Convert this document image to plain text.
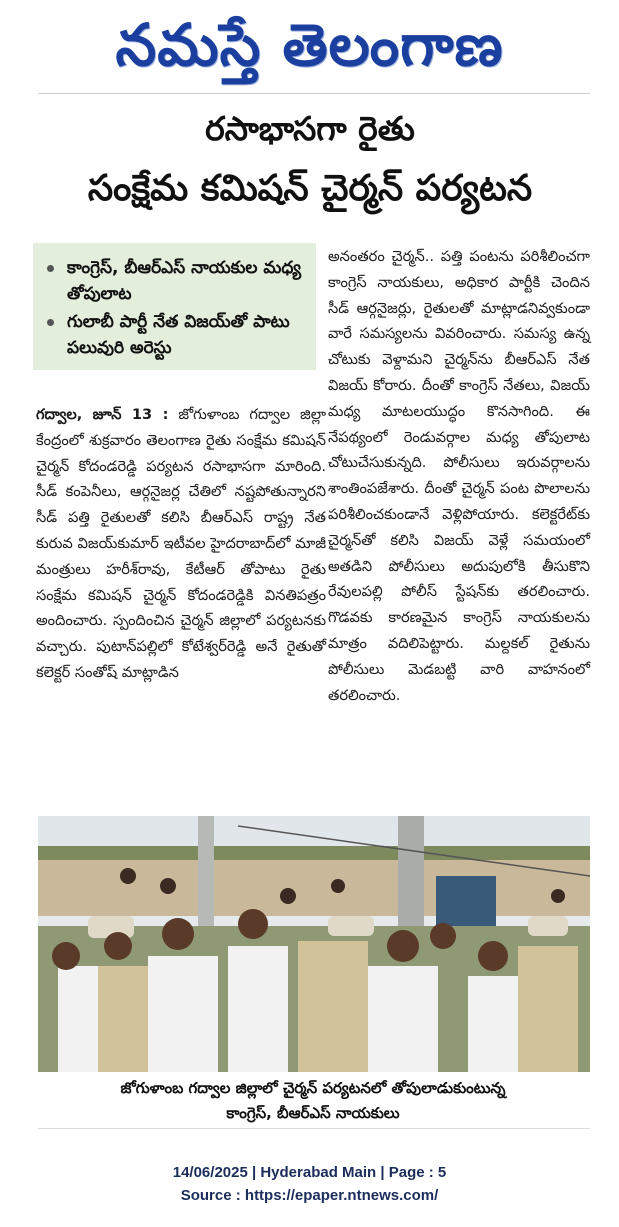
నమస్తే తెలంగాణ
రసాభాసగా రైతు
సంక్షేమ కమిషన్ చైర్మన్ పర్యటన
కాంగ్రెస్, బీఆర్ఎస్ నాయకుల మధ్య తోపులాట
గులాబీ పార్టీ నేత విజయ్‌తో పాటు పలువురి అరెస్టు

అనంతరం చైర్మన్.. పత్తి పంటను పరిశీలించగా కాంగ్రెస్ నాయకులు, అధికార పార్టీకి చెందిన సీడ్ ఆర్గనైజర్లు, రైతులతో మాట్లాడనివ్వకుండా వారే సమస్యలను వివరించారు. సమస్య ఉన్న చోటుకు వెళ్దామని చైర్మన్‌ను బీఆర్ఎస్ నేత విజయ్ కోరారు. దీంతో కాంగ్రెస్ నేతలు, విజయ్ మధ్య మాటలయుద్ధం కొనసాగింది. ఈ నేపథ్యంలో రెండువర్గాల మధ్య తోపులాట చోటుచేసుకున్నది. పోలీసులు ఇరువర్గాలను శాంతింపజేశారు. దీంతో చైర్మన్ పంట పొలాలను పరిశీలించకుండానే వెళ్లిపోయారు. కలెక్టరేట్‌కు చైర్మన్‌తో కలిసి విజయ్ వెళ్లే సమయంలో అతడిని పోలీసులు అదుపులోకి తీసుకొని రేవులపల్లి పోలీస్ స్టేషన్‌కు తరలించారు. గొడవకు కారణమైన కాంగ్రెస్ నాయకులను మాత్రం వదిలిపెట్టారు. మల్దకల్ రైతును పోలీసులు మెడబట్టి వారి వాహనంలో తరలించారు.

గద్వాల, జూన్ 13 : జోగుళాంబ గద్వాల జిల్లా కేంద్రంలో శుక్రవారం తెలంగాణ రైతు సంక్షేమ కమిషన్ చైర్మన్ కోదండరెడ్డి పర్యటన రసాభాసగా మారింది. సీడ్ కంపెనీలు, ఆర్గనైజర్ల చేతిలో నష్టపోతున్నారని సీడ్ పత్తి రైతులతో కలిసి బీఆర్ఎస్ రాష్ట్ర నేత కురువ విజయ్‌కుమార్ ఇటీవల హైదరాబాద్‌లో మాజీ మంత్రులు హరీశ్‌రావు, కేటీఆర్ తోపాటు రైతు సంక్షేమ కమిషన్ చైర్మన్ కోదండరెడ్డికి వినతిపత్రం అందించారు. స్పందించిన చైర్మన్ జిల్లాలో పర్యటనకు వచ్చారు. పుటాన్‌పల్లిలో కోటేశ్వర్‌రెడ్డి అనే రైతుతో కలెక్టర్ సంతోష్ మాట్లాడిన

జోగుళాంబ గద్వాల జిల్లాలో చైర్మన్ పర్యటనలో తోపులాడుకుంటున్న
కాంగ్రెస్, బీఆర్ఎస్ నాయకులు
14/06/2025 | Hyderabad Main | Page : 5
Source : https://epaper.ntnews.com/
